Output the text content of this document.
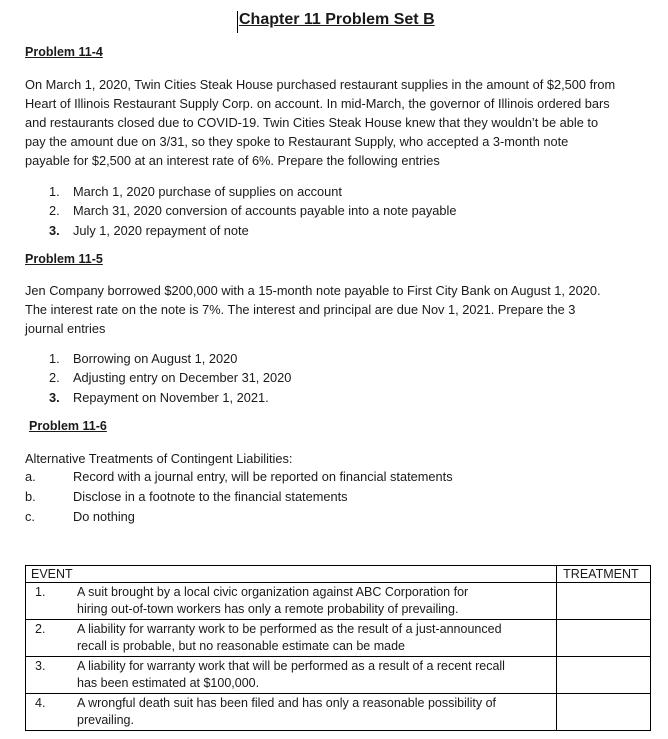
Chapter 11 Problem Set B
Problem 11-4
On March 1, 2020, Twin Cities Steak House purchased restaurant supplies in the amount of $2,500 from
Heart of Illinois Restaurant Supply Corp. on account. In mid-March, the governor of Illinois ordered bars
and restaurants closed due to COVID-19. Twin Cities Steak House knew that they wouldn’t be able to
pay the amount due on 3/31, so they spoke to Restaurant Supply, who accepted a 3-month note
payable for $2,500 at an interest rate of 6%. Prepare the following entries
1.	March 1, 2020 purchase of supplies on account
2.	March 31, 2020 conversion of accounts payable into a note payable
3.	July 1, 2020 repayment of note
Problem 11-5
Jen Company borrowed $200,000 with a 15-month note payable to First City Bank on August 1, 2020.
The interest rate on the note is 7%. The interest and principal are due Nov 1, 2021. Prepare the 3
journal entries
1.	Borrowing on August 1, 2020
2.	Adjusting entry on December 31, 2020
3.	Repayment on November 1, 2021.
Problem 11-6
Alternative Treatments of Contingent Liabilities:
a.	Record with a journal entry, will be reported on financial statements
b.	Disclose in a footnote to the financial statements
c.	Do nothing
EVENT	TREATMENT

1. A suit brought by a local civic organization against ABC Corporation for
hiring out-of-town workers has only a remote probability of prevailing.	

2. A liability for warranty work to be performed as the result of a just-announced
recall is probable, but no reasonable estimate can be made	

3. A liability for warranty work that will be performed as a result of a recent recall
has been estimated at $100,000.	

4. A wrongful death suit has been filed and has only a reasonable possibility of
prevailing.	
